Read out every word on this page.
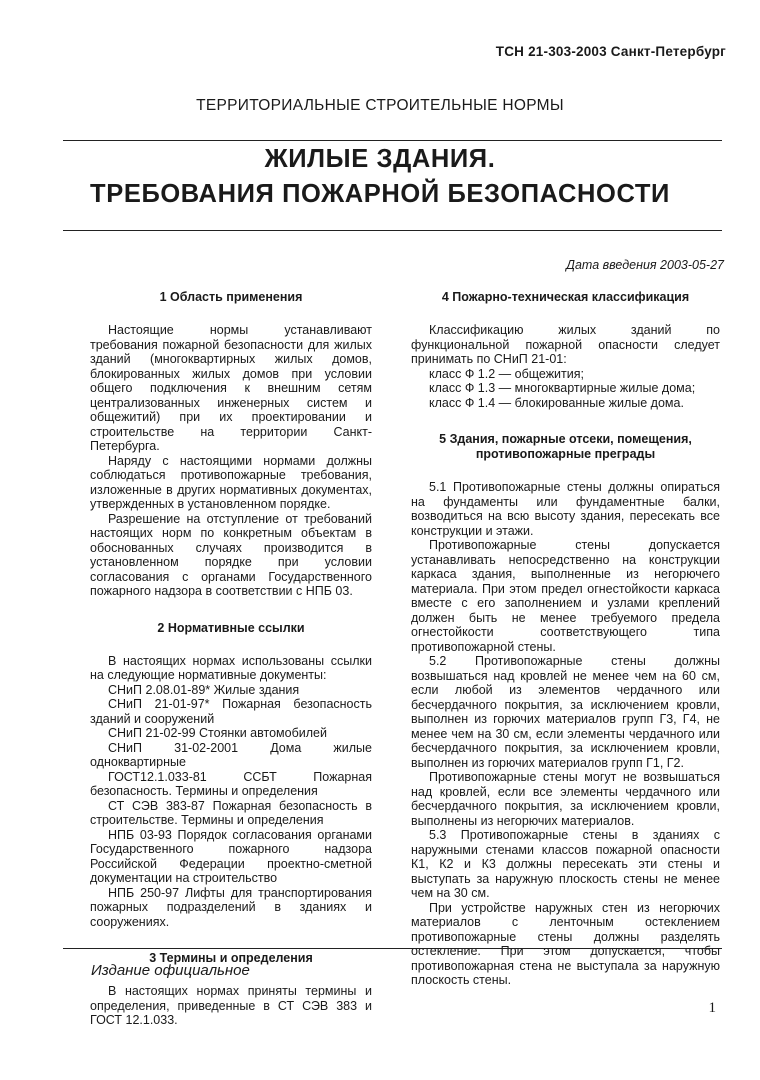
ТСН 21-303-2003 Санкт-Петербург
ТЕРРИТОРИАЛЬНЫЕ СТРОИТЕЛЬНЫЕ НОРМЫ
ЖИЛЫЕ ЗДАНИЯ.
ТРЕБОВАНИЯ ПОЖАРНОЙ БЕЗОПАСНОСТИ
Дата введения 2003-05-27
1 Область применения

Настоящие нормы устанавливают требования пожарной безопасности для жилых зданий (многоквартирных жилых домов, блокированных жилых домов при условии общего подключения к внешним сетям централизованных инженерных систем и общежитий) при их проектировании и строительстве на территории Санкт-Петербурга.

Наряду с настоящими нормами должны соблюдаться противопожарные требования, изложенные в других нормативных документах, утвержденных в установленном порядке.

Разрешение на отступление от требований настоящих норм по конкретным объектам в обоснованных случаях производится в установленном порядке при условии согласования с органами Государственного пожарного надзора в соответствии с НПБ 03.

2 Нормативные ссылки

В настоящих нормах использованы ссылки на следующие нормативные документы:

СНиП 2.08.01-89* Жилые здания

СНиП 21-01-97* Пожарная безопасность зданий и сооружений

СНиП 21-02-99 Стоянки автомобилей

СНиП 31-02-2001 Дома жилые одноквартирные

ГОСТ12.1.033-81 ССБТ Пожарная безопасность. Термины и определения

СТ СЭВ 383-87 Пожарная безопасность в строительстве. Термины и определения

НПБ 03-93 Порядок согласования органами Государственного пожарного надзора Российской Федерации проектно-сметной документации на строительство

НПБ 250-97 Лифты для транспортирования пожарных подразделений в зданиях и сооружениях.

3 Термины и определения

В настоящих нормах приняты термины и определения, приведенные в СТ СЭВ 383 и ГОСТ 12.1.033.

4 Пожарно-техническая классификация

Классификацию жилых зданий по функциональной пожарной опасности следует принимать по СНиП 21-01:

класс Ф 1.2 — общежития;

класс Ф 1.3 — многоквартирные жилые дома;

класс Ф 1.4 — блокированные жилые дома.

5 Здания, пожарные отсеки, помещения, противопожарные преграды

5.1 Противопожарные стены должны опираться на фундаменты или фундаментные балки, возводиться на всю высоту здания, пересекать все конструкции и этажи.

Противопожарные стены допускается устанавливать непосредственно на конструкции каркаса здания, выполненные из негорючего материала. При этом предел огнестойкости каркаса вместе с его заполнением и узлами креплений должен быть не менее требуемого предела огнестойкости соответствующего типа противопожарной стены.

5.2 Противопожарные стены должны возвышаться над кровлей не менее чем на 60 см, если любой из элементов чердачного или бесчердачного покрытия, за исключением кровли, выполнен из горючих материалов групп Г3, Г4, не менее чем на 30 см, если элементы чердачного или бесчердачного покрытия, за исключением кровли, выполнен из горючих материалов групп Г1, Г2.

Противопожарные стены могут не возвышаться над кровлей, если все элементы чердачного или бесчердачного покрытия, за исключением кровли, выполнены из негорючих материалов.

5.3 Противопожарные стены в зданиях с наружными стенами классов пожарной опасности К1, К2 и К3 должны пересекать эти стены и выступать за наружную плоскость стены не менее чем на 30 см.

При устройстве наружных стен из негорючих материалов с ленточным остеклением противопожарные стены должны разделять остекление. При этом допускается, чтобы противопожарная стена не выступала за наружную плоскость стены.

Издание официальное
1
